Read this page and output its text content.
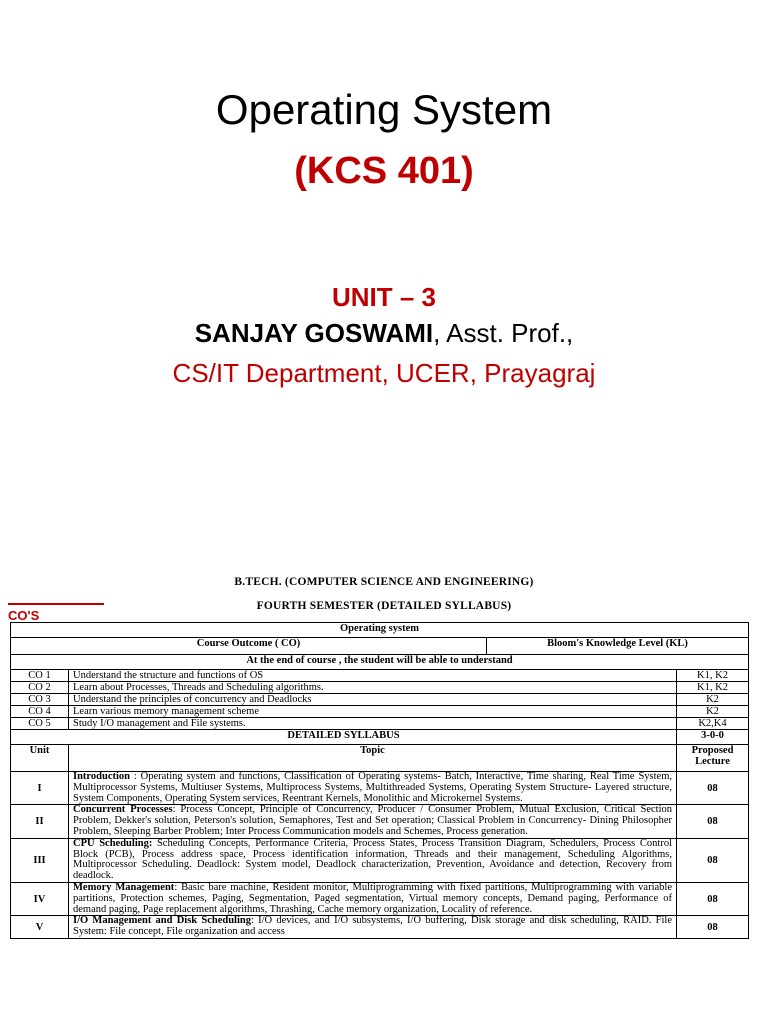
Operating System
(KCS 401)
UNIT – 3
SANJAY GOSWAMI, Asst. Prof.,
CS/IT Department, UCER, Prayagraj
B.TECH. (COMPUTER SCIENCE AND ENGINEERING)
FOURTH SEMESTER (DETAILED SYLLABUS)
CO'S
Operating system			
Course Outcome ( CO)		Bloom's Knowledge Level (KL)	
At the end of course , the student will be able to understand			
CO 1	Understand the structure and functions of OS		K1, K2
CO 2	Learn about Processes, Threads and Scheduling algorithms.		K1, K2
CO 3	Understand the principles of concurrency and Deadlocks		K2
CO 4	Learn various memory management scheme		K2
CO 5	Study I/O management and File systems.		K2,K4
DETAILED SYLLABUS			3-0-0
Unit	Topic		Proposed Lecture
I	Introduction : Operating system and functions, Classification of Operating systems- Batch, Interactive, Time sharing, Real Time System, Multiprocessor Systems, Multiuser Systems, Multiprocess Systems, Multithreaded Systems, Operating System Structure- Layered structure, System Components, Operating System services, Reentrant Kernels, Monolithic and Microkernel Systems.		08
II	Concurrent Processes: Process Concept, Principle of Concurrency, Producer / Consumer Problem, Mutual Exclusion, Critical Section Problem, Dekker's solution, Peterson's solution, Semaphores, Test and Set operation; Classical Problem in Concurrency- Dining Philosopher Problem, Sleeping Barber Problem; Inter Process Communication models and Schemes, Process generation.		08
III	CPU Scheduling: Scheduling Concepts, Performance Criteria, Process States, Process Transition Diagram, Schedulers, Process Control Block (PCB), Process address space, Process identification information, Threads and their management, Scheduling Algorithms, Multiprocessor Scheduling. Deadlock: System model, Deadlock characterization, Prevention, Avoidance and detection, Recovery from deadlock.		08
IV	Memory Management: Basic bare machine, Resident monitor, Multiprogramming with fixed partitions, Multiprogramming with variable partitions, Protection schemes, Paging, Segmentation, Paged segmentation, Virtual memory concepts, Demand paging, Performance of demand paging, Page replacement algorithms, Thrashing, Cache memory organization, Locality of reference.		08
V	I/O Management and Disk Scheduling: I/O devices, and I/O subsystems, I/O buffering, Disk storage and disk scheduling, RAID. File System: File concept, File organization and access		08
